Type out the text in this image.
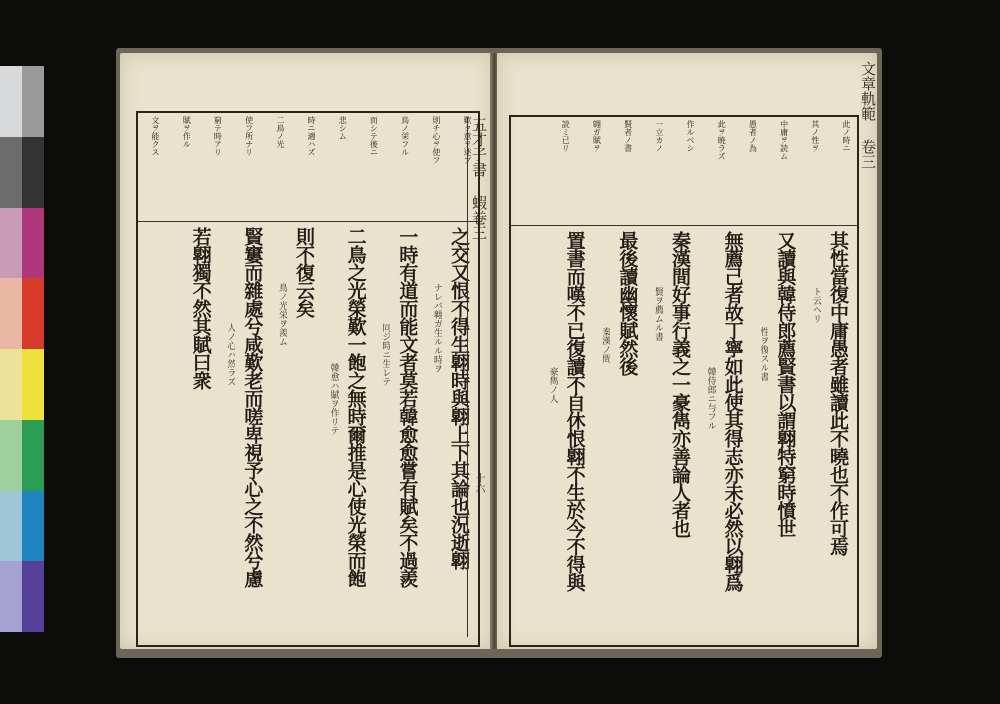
歎ク意ヲ述ブ
則チ心ヲ使フ
鳥ノ栄フル
而シテ後ニ
悲シム
時ニ適ハズ
二鳥ノ光
使フ所ナリ
窮テ時アリ
賦ヲ作ル
文ヲ能クス
之交又恨不得生翺時與翺上下其論也況逝翺
一時有道而能文者莫若韓愈愈嘗有賦矣不過羨
二鳥之光榮歎一飽之無時爾推是心使光榮而飽
則不復云矣
賢窶而雜處兮咸歎老而嗟卑視予心之不然兮慮
若翺獨不然其賦曰衆	ナレバ翺ガ生ルル時ヲ
同ジ時ニ生レテ
韓愈ハ賦ヲ作リテ
鳥ノ光栄ヲ羨ム
人ノ心ハ然ラズ
五才子書 蝦卷三
十六
此ノ時ニ
其ノ性ヲ
中庸ヲ読ム
愚者ノ為
此ヲ暁ラズ
作ルベシ
一立カノ
賢者ノ書
翺ガ賦ヲ
読ミ已リ
其性當復中庸愚者雖讀此不曉也不作可焉
又讀與韓侍郎薦賢書以謂翺特窮時憤世
無薦己者故丁寧如此使其得志亦未必然以翺爲
秦漢間好事行義之一豪雋亦善論人者也
最後讀幽懷賦然後
置書而嘆不已復讀不自休恨翺不生於今不得與	ト云ヘリ
性ヲ復スル書
韓侍郎ニ与フル
賢ヲ薦ムル書
秦漢ノ間
豪雋ノ人
文章軌範 卷三
